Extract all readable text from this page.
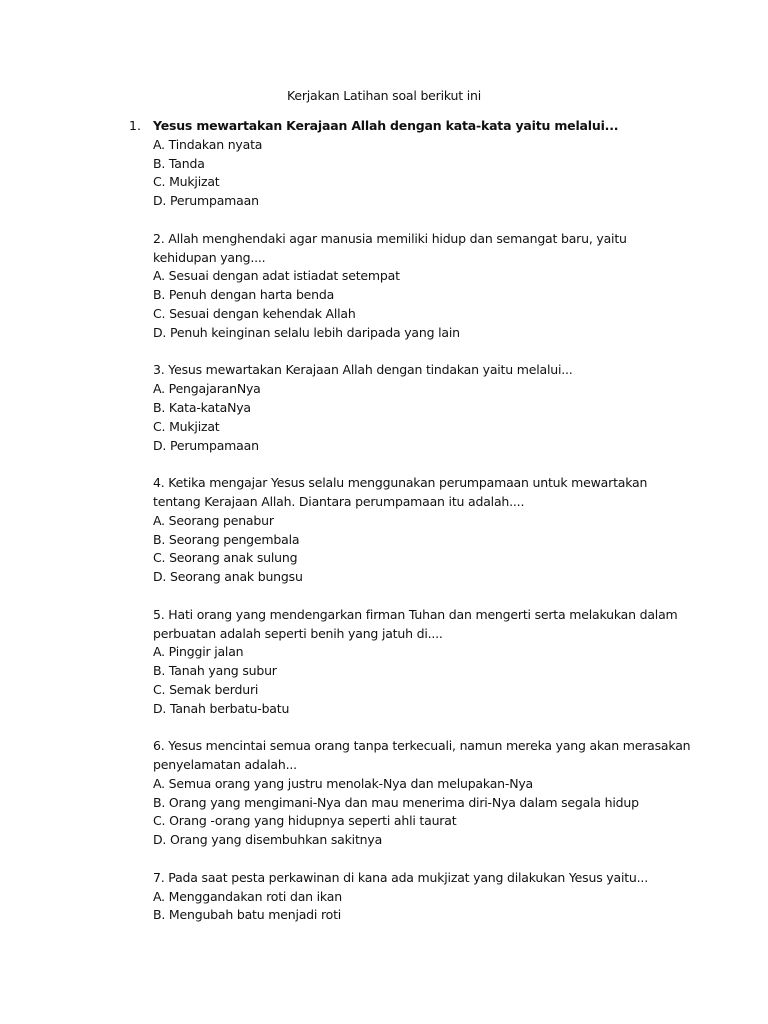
Kerjakan Latihan soal berikut ini
1. Yesus mewartakan Kerajaan Allah dengan kata-kata yaitu melalui...
A. Tindakan nyata
B. Tanda
C. Mukjizat
D. Perumpamaan
2. Allah menghendaki agar manusia memiliki hidup dan semangat baru, yaitu kehidupan yang....
A. Sesuai dengan adat istiadat setempat
B. Penuh dengan harta benda
C. Sesuai dengan kehendak Allah
D. Penuh keinginan selalu lebih daripada yang lain
3. Yesus mewartakan Kerajaan Allah dengan tindakan yaitu melalui...
A. PengajaranNya
B. Kata-kataNya
C. Mukjizat
D. Perumpamaan
4. Ketika mengajar Yesus selalu menggunakan perumpamaan untuk mewartakan tentang Kerajaan Allah. Diantara perumpamaan itu adalah....
A. Seorang penabur
B. Seorang pengembala
C. Seorang anak sulung
D. Seorang anak bungsu
5. Hati orang yang mendengarkan firman Tuhan dan mengerti serta melakukan dalam perbuatan adalah seperti benih yang jatuh di....
A. Pinggir jalan
B. Tanah yang subur
C. Semak berduri
D. Tanah berbatu-batu
6. Yesus mencintai semua orang tanpa terkecuali, namun mereka yang akan merasakan penyelamatan adalah...
A. Semua orang yang justru menolak-Nya dan melupakan-Nya
B. Orang yang mengimani-Nya dan mau menerima diri-Nya dalam segala hidup
C. Orang -orang yang hidupnya seperti ahli taurat
D. Orang yang disembuhkan sakitnya
7. Pada saat pesta perkawinan di kana ada mukjizat yang dilakukan Yesus yaitu...
A. Menggandakan roti dan ikan
B. Mengubah batu menjadi roti
